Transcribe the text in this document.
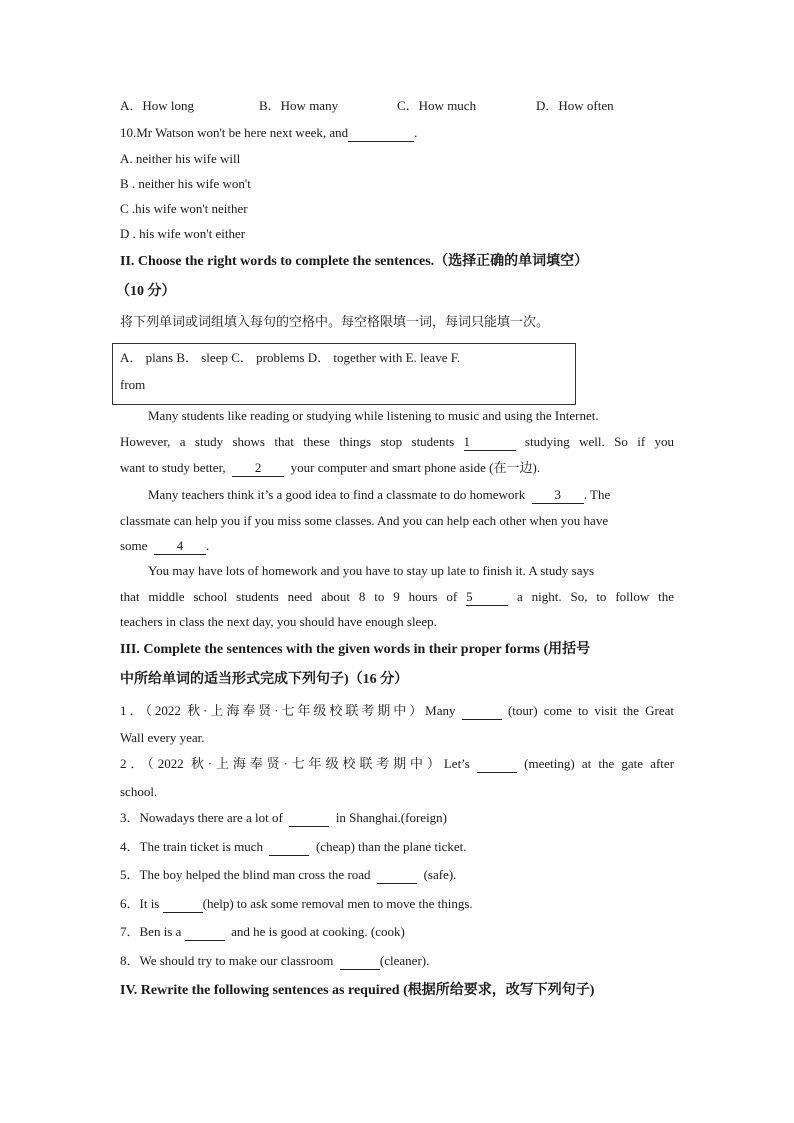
A．How long	B．How many	C．How much	D．How often
10.Mr Watson won't be here next week, and	.
A. neither his wife will
B . neither his wife won't
C .his wife won't neither
D . his wife won't either
II. Choose the right words to complete the sentences.（选择正确的单词填空）
（10 分）
将下列单词或词组填入每句的空格中。每空格限填一词，每词只能填一次。
A． plans B． sleep C． problems D． together with E. leave F.
from
Many students like reading or studying while listening to music and using the Internet.
However, a study shows that these things stop students 1	studying well. So if you
want to study better, 2 your computer and smart phone aside (在一边).
Many teachers think it’s a good idea to find a classmate to do homework 3 . The
classmate can help you if you miss some classes. And you can help each other when you have
some 4 .
You may have lots of homework and you have to stay up late to finish it. A study says
that middle school students need about 8 to 9 hours of 5	a night. So, to follow the
teachers in class the next day, you should have enough sleep.
III. Complete the sentences with the given words in their proper forms (用括号
中所给单词的适当形式完成下列句子)（16 分）
1．（2022 秋·上海奉贤·七年级校联考期中）Many	(tour) come to visit the Great
Wall every year.
2．（2022 秋·上海奉贤·七年级校联考期中）Let’s	(meeting) at the gate after
school.
3．Nowadays there are a lot of	in Shanghai.(foreign)
4．The train ticket is much	(cheap) than the plane ticket.
5．The boy helped the blind man cross the road	(safe).
6．It is	(help) to ask some removal men to move the things.
7．Ben is a	and he is good at cooking. (cook)
8．We should try to make our classroom	(cleaner).
IV. Rewrite the following sentences as required (根据所给要求，改写下列句子)
